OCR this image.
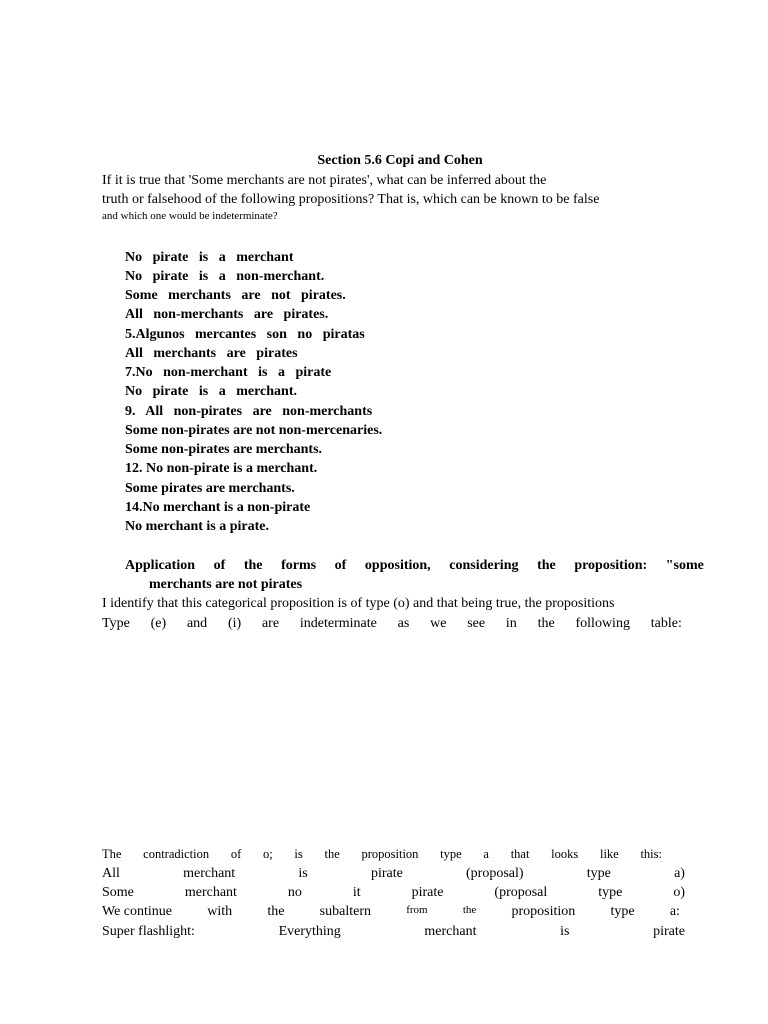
Section 5.6 Copi and Cohen
If it is true that 'Some merchants are not pirates', what can be inferred about the
truth or falsehood of the following propositions? That is, which can be known to be false
and which one would be indeterminate?
No   pirate   is   a   merchant
No   pirate   is   a   non-merchant.
Some   merchants   are   not   pirates.
All   non-merchants   are   pirates.
5.Algunos   mercantes   son   no   piratas
All   merchants   are   pirates
7.No   non-merchant   is   a   pirate
No   pirate   is   a   merchant.
9.   All   non-pirates   are   non-merchants
Some non-pirates are not non-mercenaries.
Some non-pirates are merchants.
12. No non-pirate is a merchant.
Some pirates are merchants.
14.No merchant is a non-pirate
No merchant is a pirate.
Application of the forms of opposition, considering the proposition: "some
merchants are not pirates
I identify that this categorical proposition is of type (o) and that being true, the propositions
Type (e) and (i) are indeterminate as we see in the following table:
The contradiction of o; is the proposition type a that looks like this:
All	merchant	is	pirate	(proposal)	type	a)
Some	merchant	no	it	pirate	(proposal	type	o)
We continue	with	the	subaltern	from	the	proposition	type	a:
Super flashlight:	Everything	merchant	is	pirate
